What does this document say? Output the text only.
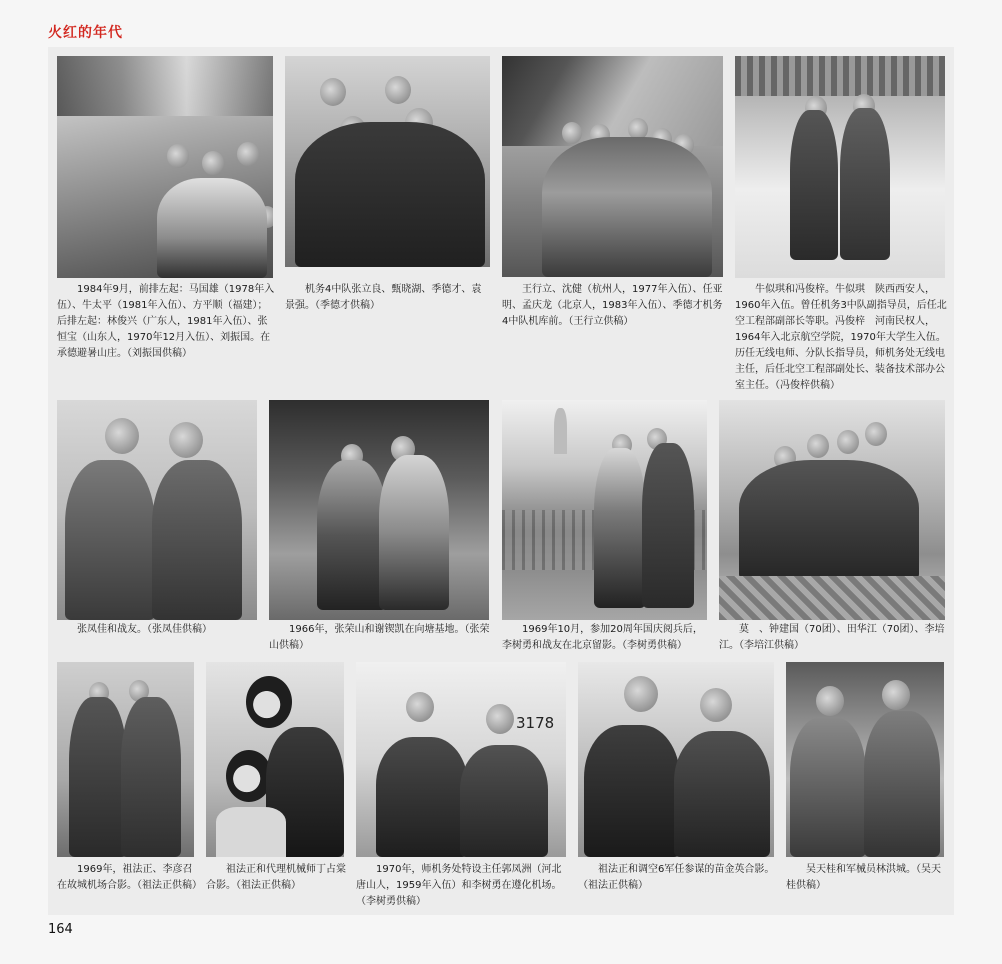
火红的年代

1984年9月，前排左起：马国雄（1978年入伍）、牛太平（1981年入伍）、方平顺（福建）；后排左起：林俊兴（广东人，1981年入伍）、张恒宝（山东人，1970年12月入伍）、刘振国。在承德避暑山庄。（刘振国供稿）

机务4中队张立良、甄晓湖、季德才、袁景强。（季德才供稿）

王行立、沈健（杭州人，1977年入伍）、任亚明、孟庆龙（北京人，1983年入伍）、季德才机务4中队机库前。（王行立供稿）

牛似琪和冯俊梓。牛似琪　陕西西安人，1960年入伍。曾任机务3中队副指导员，后任北空工程部副部长等职。冯俊梓　河南民权人，1964年入北京航空学院，1970年大学生入伍。历任无线电师、分队长指导员，师机务处无线电主任，后任北空工程部副处长、装备技术部办公室主任。（冯俊梓供稿）

张凤佳和战友。（张凤佳供稿）	1966年，张荣山和谢锲凯在向塘基地。（张荣山供稿）

1969年10月，参加20周年国庆阅兵后，李树勇和战友在北京留影。（李树勇供稿）

莫　、钟建国（70团）、田华江（70团）、李培江。（李培江供稿）

1969年，祖法正、李彦召在故城机场合影。（祖法正供稿）

祖法正和代理机械师丁占棠合影。（祖法正供稿）

3178

1970年，师机务处特设主任郭凤洲（河北唐山人，1959年入伍）和李树勇在遵化机场。（李树勇供稿）

祖法正和调空6军任参谋的苗金英合影。（祖法正供稿）

吴天桂和军械员林洪城。（吴天桂供稿）

164
